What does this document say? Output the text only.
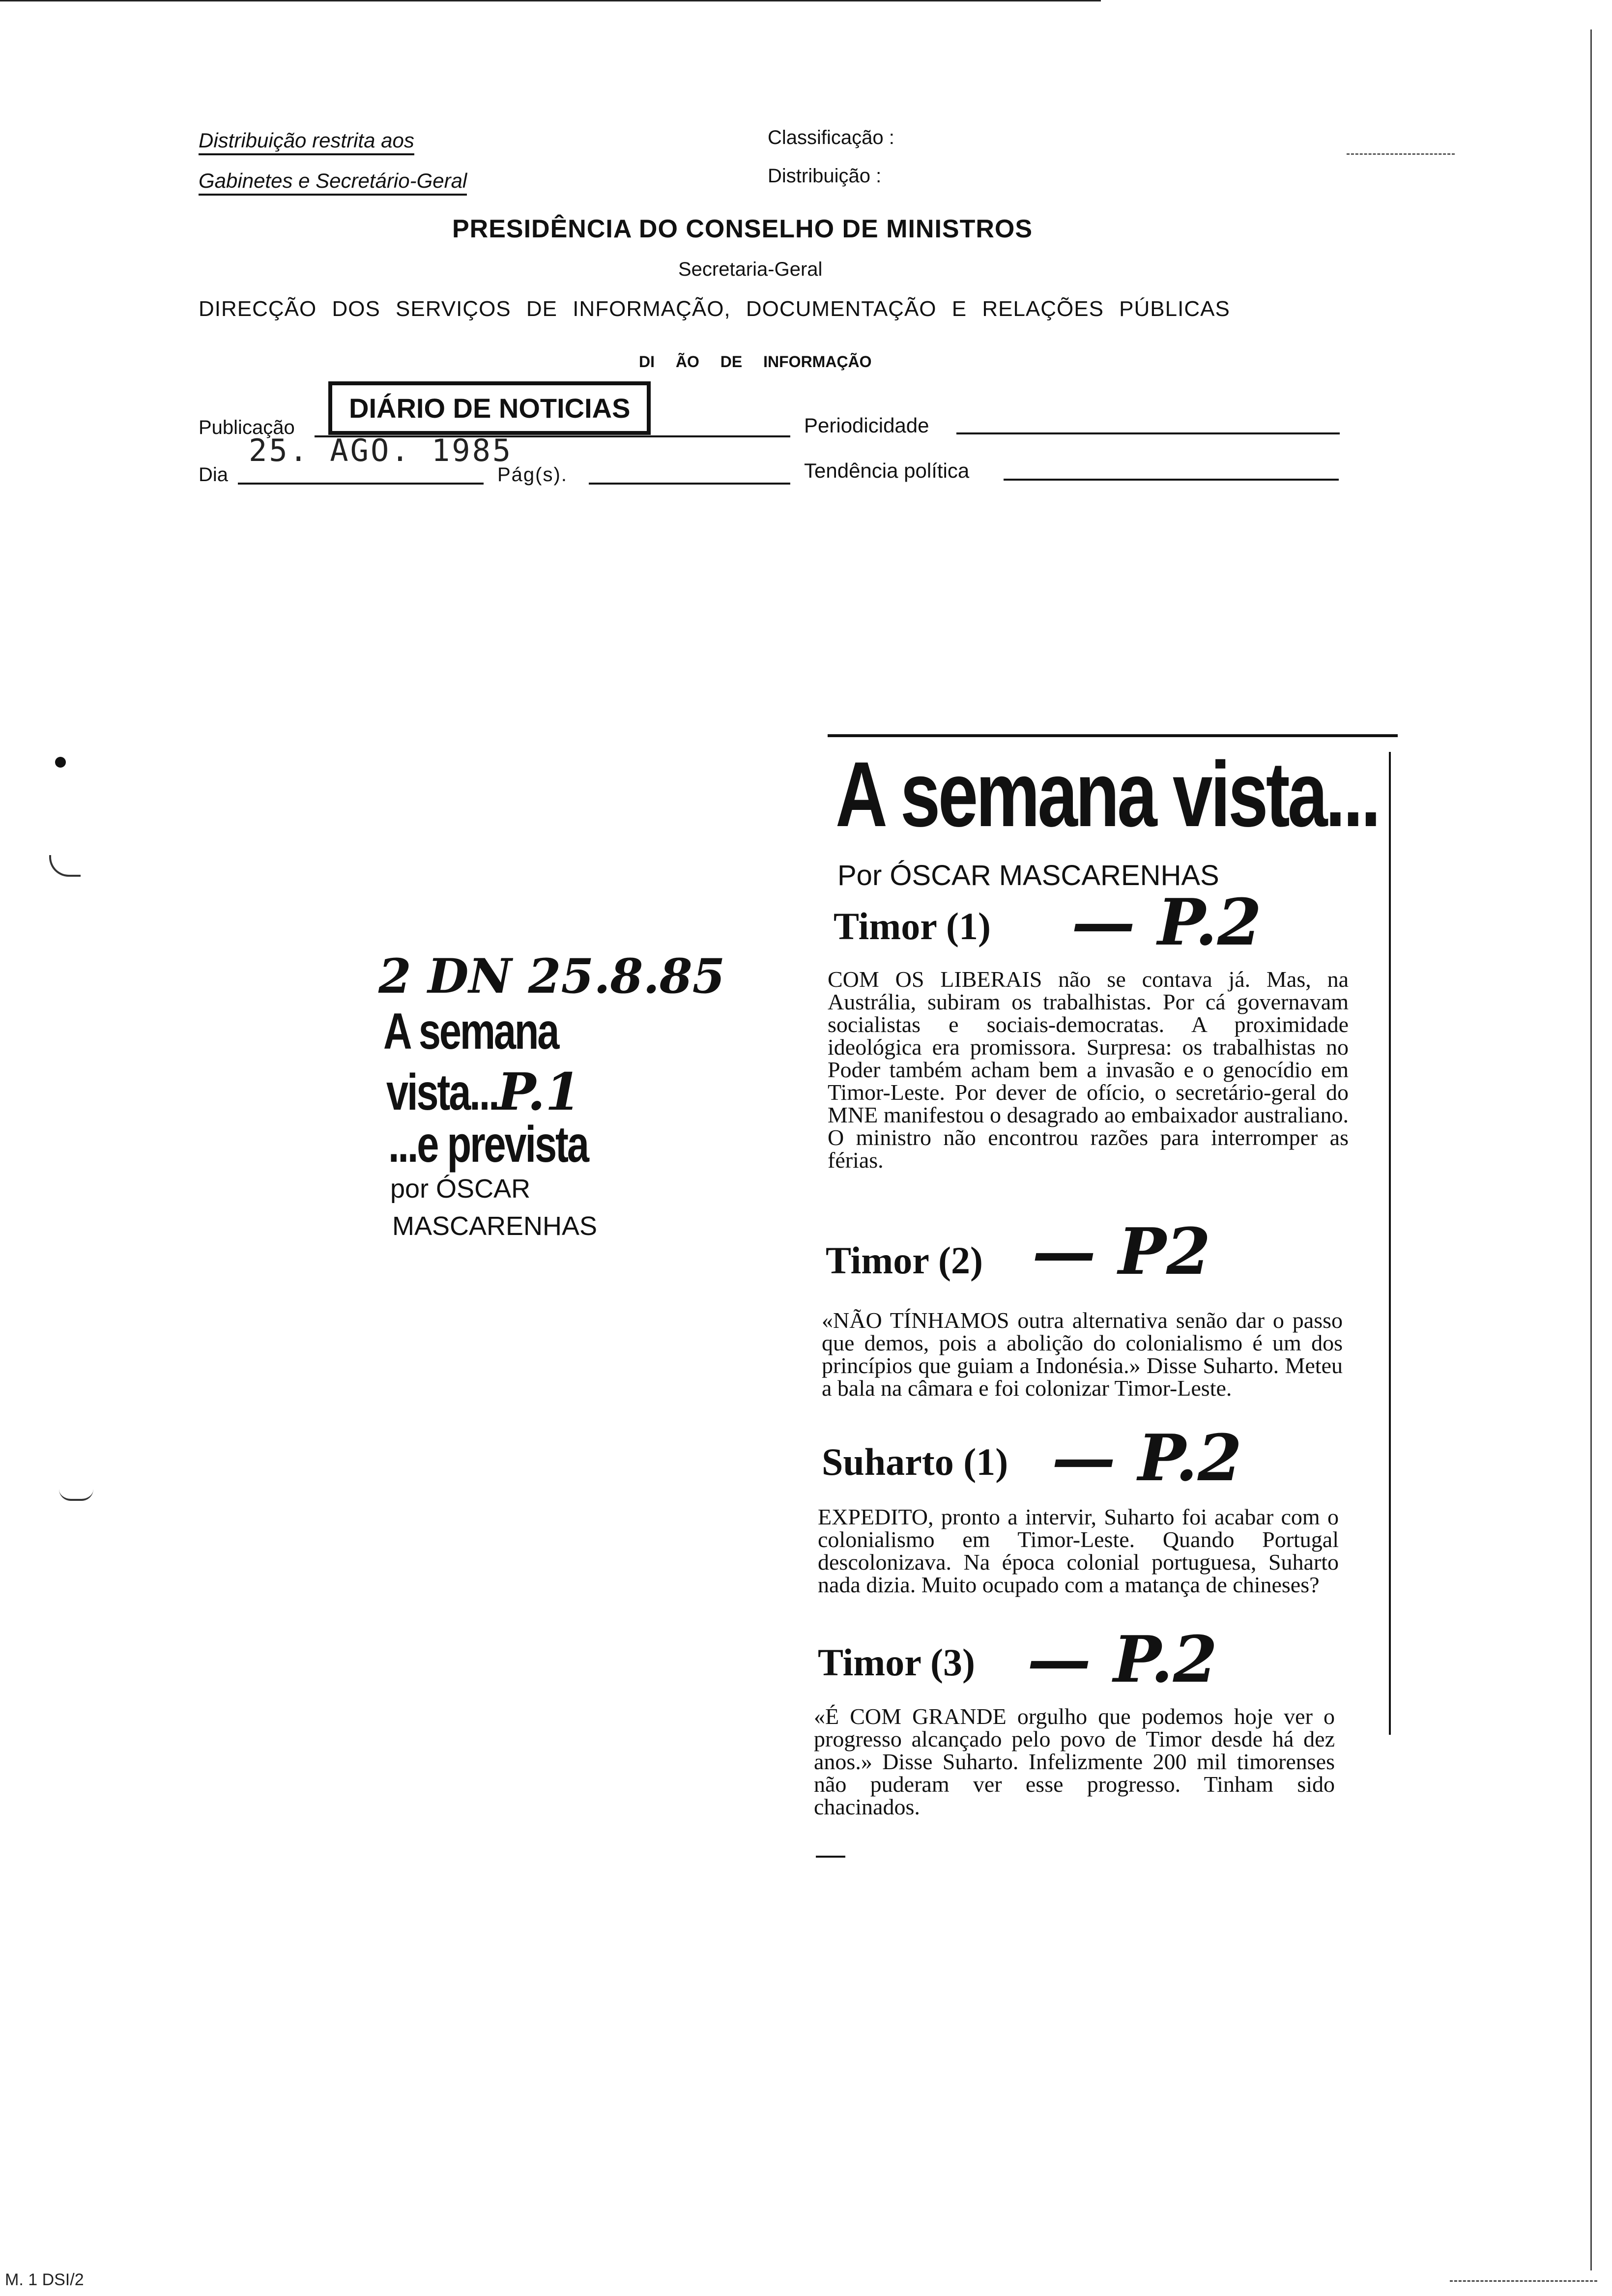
Distribuição restrita aos
Gabinetes e Secretário-Geral
Classificação :
Distribuição :
PRESIDÊNCIA DO CONSELHO DE MINISTROS
Secretaria-Geral
DIRECÇÃO DOS SERVIÇOS DE INFORMAÇÃO, DOCUMENTAÇÃO E RELAÇÕES PÚBLICAS
DI ÃO DE INFORMAÇÃO
Publicação
DIÁRIO DE NOTICIAS
Periodicidade
Dia
25. AGO. 1985
Pág(s).	Tendência política
2 DN 25.8.85
A semana
vista... P.1
...e prevista
por ÓSCAR
MASCARENHAS
A semana vista...
Por ÓSCAR MASCARENHAS
Timor (1) — P.2
COM OS LIBERAIS não se contava já. Mas, na Austrália, subiram os trabalhistas. Por cá governavam socialistas e sociais-democratas. A proximidade ideológica era promissora. Surpresa: os trabalhistas no Poder também acham bem a invasão e o genocídio em Timor-Leste. Por dever de ofício, o secretário-geral do MNE manifestou o desagrado ao embaixador australiano. O ministro não encontrou razões para interromper as férias.
Timor (2) — P2
«NÃO TÍNHAMOS outra alternativa senão dar o passo que demos, pois a abolição do colonialismo é um dos princípios que guiam a Indonésia.» Disse Suharto. Meteu a bala na câmara e foi colonizar Timor-Leste.
Suharto (1) — P.2
EXPEDITO, pronto a intervir, Suharto foi acabar com o colonialismo em Timor-Leste. Quando Portugal descolonizava. Na época colonial portuguesa, Suharto nada dizia. Muito ocupado com a matança de chineses?
Timor (3) — P.2
«É COM GRANDE orgulho que podemos hoje ver o progresso alcançado pelo povo de Timor desde há dez anos.» Disse Suharto. Infelizmente 200 mil timorenses não puderam ver esse progresso. Tinham sido chacinados.
M. 1 DSI/2
